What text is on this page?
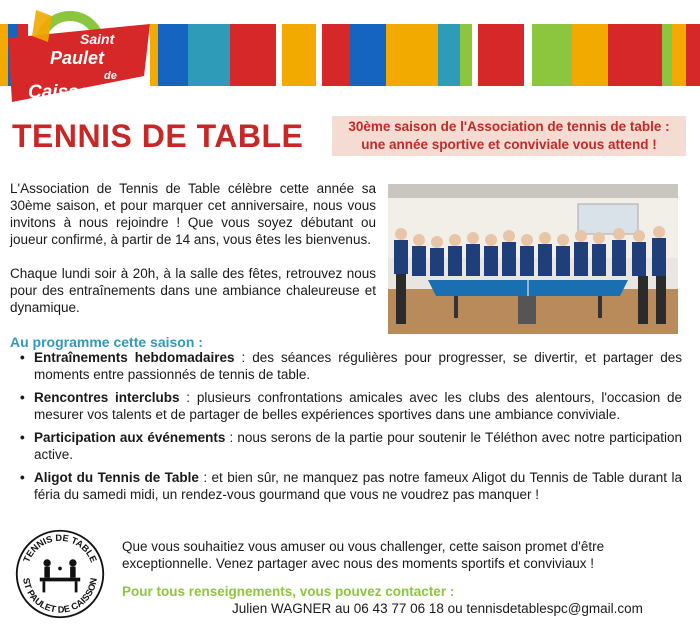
Saint
Paulet
de
Caisson
TENNIS DE TABLE	30ème saison de l'Association de tennis de table :
une année sportive et conviviale vous attend !

L'Association de Tennis de Table célèbre cette année sa 30ème saison, et pour marquer cet anniversaire, nous vous invitons à nous rejoindre ! Que vous soyez débutant ou joueur confirmé, à partir de 14 ans, vous êtes les bienvenus.

Chaque lundi soir à 20h, à la salle des fêtes, retrouvez nous pour des entraînements dans une ambiance chaleureuse et dynamique.

Au programme cette saison :
• Entraînements hebdomadaires : des séances régulières pour progresser, se divertir, et partager des moments entre passionnés de tennis de table.
• Rencontres interclubs : plusieurs confrontations amicales avec les clubs des alentours, l'occasion de mesurer vos talents et de partager de belles expériences sportives dans une ambiance conviviale.
• Participation aux événements : nous serons de la partie pour soutenir le Téléthon avec notre participation active.
• Aligot du Tennis de Table : et bien sûr, ne manquez pas notre fameux Aligot du Tennis de Table durant la féria du samedi midi, un rendez-vous gourmand que vous ne voudrez pas manquer !
TENNIS DE TABLE
ST PAULET DE CAISSON
Que vous souhaitiez vous amuser ou vous challenger, cette saison promet d'être exceptionnelle. Venez partager avec nous des moments sportifs et conviviaux !
Pour tous renseignements, vous pouvez contacter :
Julien WAGNER au 06 43 77 06 18 ou tennisdetablespc@gmail.com
